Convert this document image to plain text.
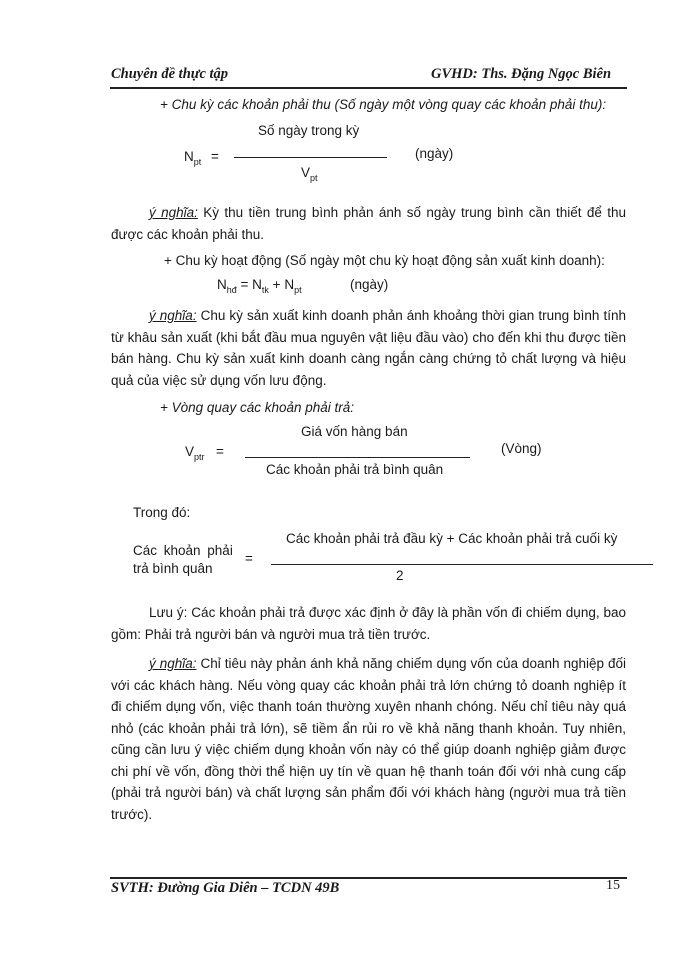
Chuyên đề thực tập	GVHD: Ths. Đặng Ngọc Biên
+ Chu kỳ các khoản phải thu (Số ngày một vòng quay các khoản phải thu):
Số ngày trong kỳ
$N_{pt}$ =	(ngày)
$V_{pt}$
ý nghĩa: Kỳ thu tiền trung bình phản ánh số ngày trung bình cần thiết để thu được các khoản phải thu.
+ Chu kỳ hoạt động (Số ngày một chu kỳ hoạt động sản xuất kinh doanh):
$N_{hđ} = N_{tk} + N_{pt}$	(ngày)
ý nghĩa: Chu kỳ sản xuất kinh doanh phản ánh khoảng thời gian trung bình tính từ khâu sản xuất (khi bắt đầu mua nguyên vật liệu đầu vào) cho đến khi thu được tiền bán hàng. Chu kỳ sản xuất kinh doanh càng ngắn càng chứng tỏ chất lượng và hiệu quả của việc sử dụng vốn lưu động.
+ Vòng quay các khoản phải trả:
Giá vốn hàng bán
$V_{ptr}$ =	(Vòng)
Các khoản phải trả bình quân
Trong đó:
Các khoản phải trả đầu kỳ + Các khoản phải trả cuối kỳ
Các khoản phải
=
trả bình quân	2
Lưu ý: Các khoản phải trả được xác định ở đây là phần vốn đi chiếm dụng, bao gồm: Phải trả người bán và người mua trả tiền trước.
ý nghĩa: Chỉ tiêu này phản ánh khả năng chiếm dụng vốn của doanh nghiệp đối với các khách hàng. Nếu vòng quay các khoản phải trả lớn chứng tỏ doanh nghiệp ít đi chiếm dụng vốn, việc thanh toán thường xuyên nhanh chóng. Nếu chỉ tiêu này quá nhỏ (các khoản phải trả lớn), sẽ tiềm ẩn rủi ro về khả năng thanh khoản. Tuy nhiên, cũng cần lưu ý việc chiếm dụng khoản vốn này có thể giúp doanh nghiệp giảm được chi phí về vốn, đồng thời thể hiện uy tín về quan hệ thanh toán đối với nhà cung cấp (phải trả người bán) và chất lượng sản phẩm đối với khách hàng (người mua trả tiền trước).
SVTH: Đường Gia Diên – TCDN 49B	15
